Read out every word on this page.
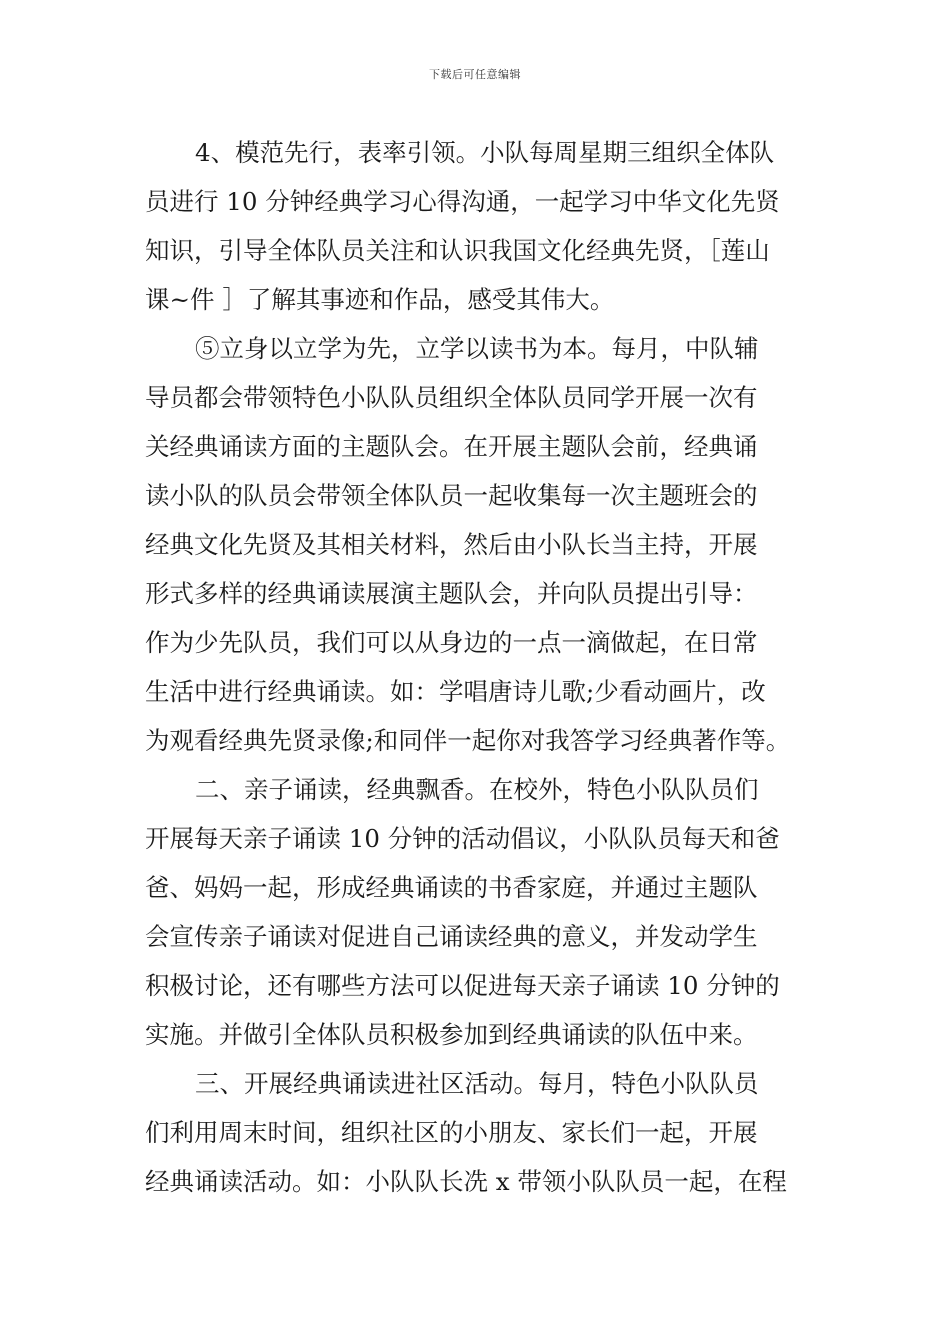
下载后可任意编辑
4、模范先行，表率引领。小队每周星期三组织全体队
员进行 10 分钟经典学习心得沟通，一起学习中华文化先贤
知识，引导全体队员关注和认识我国文化经典先贤，［莲山
课~件 ］了解其事迹和作品，感受其伟大。
⑤立身以立学为先，立学以读书为本。每月，中队辅
导员都会带领特色小队队员组织全体队员同学开展一次有
关经典诵读方面的主题队会。在开展主题队会前，经典诵
读小队的队员会带领全体队员一起收集每一次主题班会的
经典文化先贤及其相关材料，然后由小队长当主持，开展
形式多样的经典诵读展演主题队会，并向队员提出引导：
作为少先队员，我们可以从身边的一点一滴做起，在日常
生活中进行经典诵读。如：学唱唐诗儿歌;少看动画片，改
为观看经典先贤录像;和同伴一起你对我答学习经典著作等。
二、亲子诵读，经典飘香。在校外，特色小队队员们
开展每天亲子诵读 10 分钟的活动倡议，小队队员每天和爸
爸、妈妈一起，形成经典诵读的书香家庭，并通过主题队
会宣传亲子诵读对促进自己诵读经典的意义，并发动学生
积极讨论，还有哪些方法可以促进每天亲子诵读 10 分钟的
实施。并做引全体队员积极参加到经典诵读的队伍中来。
三、开展经典诵读进社区活动。每月，特色小队队员
们利用周末时间，组织社区的小朋友、家长们一起，开展
经典诵读活动。如：小队队长冼 x 带领小队队员一起，在程
